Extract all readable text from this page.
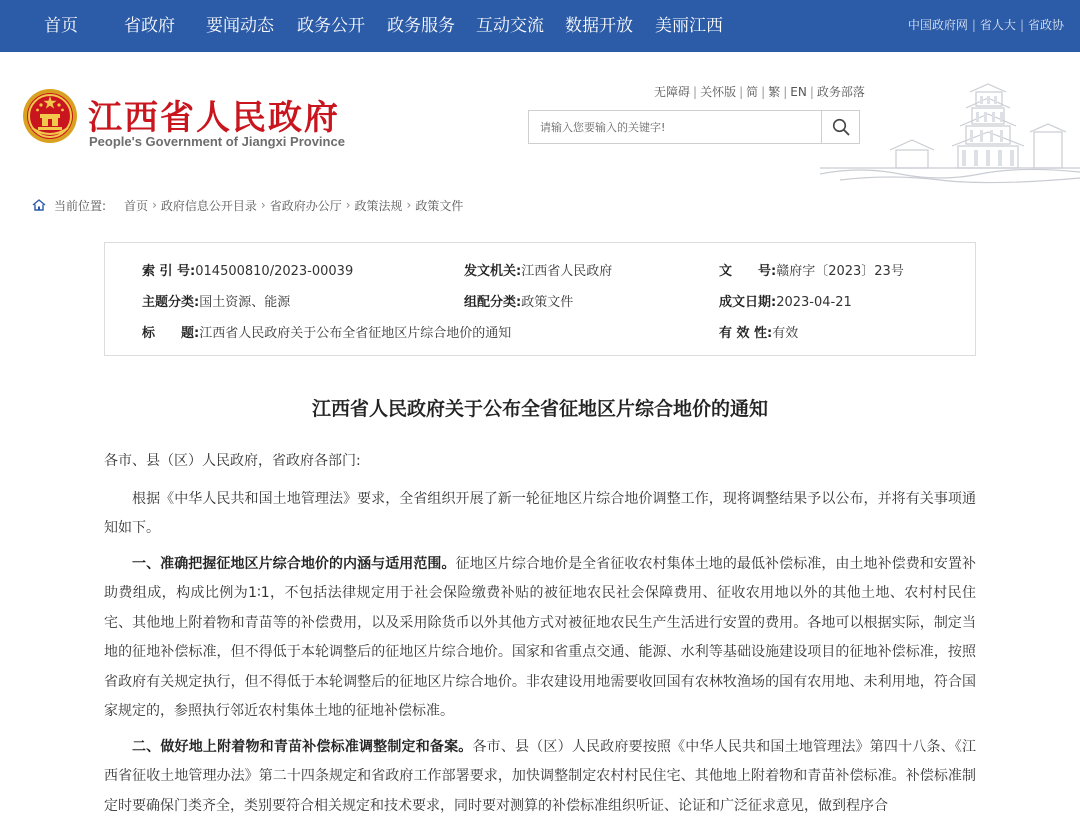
首页	省政府 要闻动态 政务公开 政务服务 互动交流 数据开放 美丽江西	中国政府网 | 省人大 | 省政协
江西省人民政府
People's Government of Jiangxi Province
无障碍 | 关怀版 | 简 | 繁 | EN | 政务部落
请输入您要输入的关键字!
当前位置: 首页 › 政府信息公开目录 › 省政府办公厅 › 政策法规 › 政策文件
索 引 号:014500810/2023-00039	发文机关:江西省人民政府	文　　号:赣府字〔2023〕23号
主题分类:国土资源、能源	组配分类:政策文件	成文日期:2023-04-21
标　　题:江西省人民政府关于公布全省征地区片综合地价的通知	有 效 性:有效
江西省人民政府关于公布全省征地区片综合地价的通知

各市、县（区）人民政府，省政府各部门:

根据《中华人民共和国土地管理法》要求，全省组织开展了新一轮征地区片综合地价调整工作，现将调整结果予以公布，并将有关事项通知如下。

一、准确把握征地区片综合地价的内涵与适用范围。征地区片综合地价是全省征收农村集体土地的最低补偿标准，由土地补偿费和安置补助费组成，构成比例为1∶1，不包括法律规定用于社会保险缴费补贴的被征地农民社会保障费用、征收农用地以外的其他土地、农村村民住宅、其他地上附着物和青苗等的补偿费用，以及采用除货币以外其他方式对被征地农民生产生活进行安置的费用。各地可以根据实际，制定当地的征地补偿标准，但不得低于本轮调整后的征地区片综合地价。国家和省重点交通、能源、水利等基础设施建设项目的征地补偿标准，按照省政府有关规定执行，但不得低于本轮调整后的征地区片综合地价。非农建设用地需要收回国有农林牧渔场的国有农用地、未利用地，符合国家规定的，参照执行邻近农村集体土地的征地补偿标准。

二、做好地上附着物和青苗补偿标准调整制定和备案。各市、县（区）人民政府要按照《中华人民共和国土地管理法》第四十八条、《江西省征收土地管理办法》第二十四条规定和省政府工作部署要求，加快调整制定农村村民住宅、其他地上附着物和青苗补偿标准。补偿标准制定时要确保门类齐全，类别要符合相关规定和技术要求，同时要对测算的补偿标准组织听证、论证和广泛征求意见，做到程序合
